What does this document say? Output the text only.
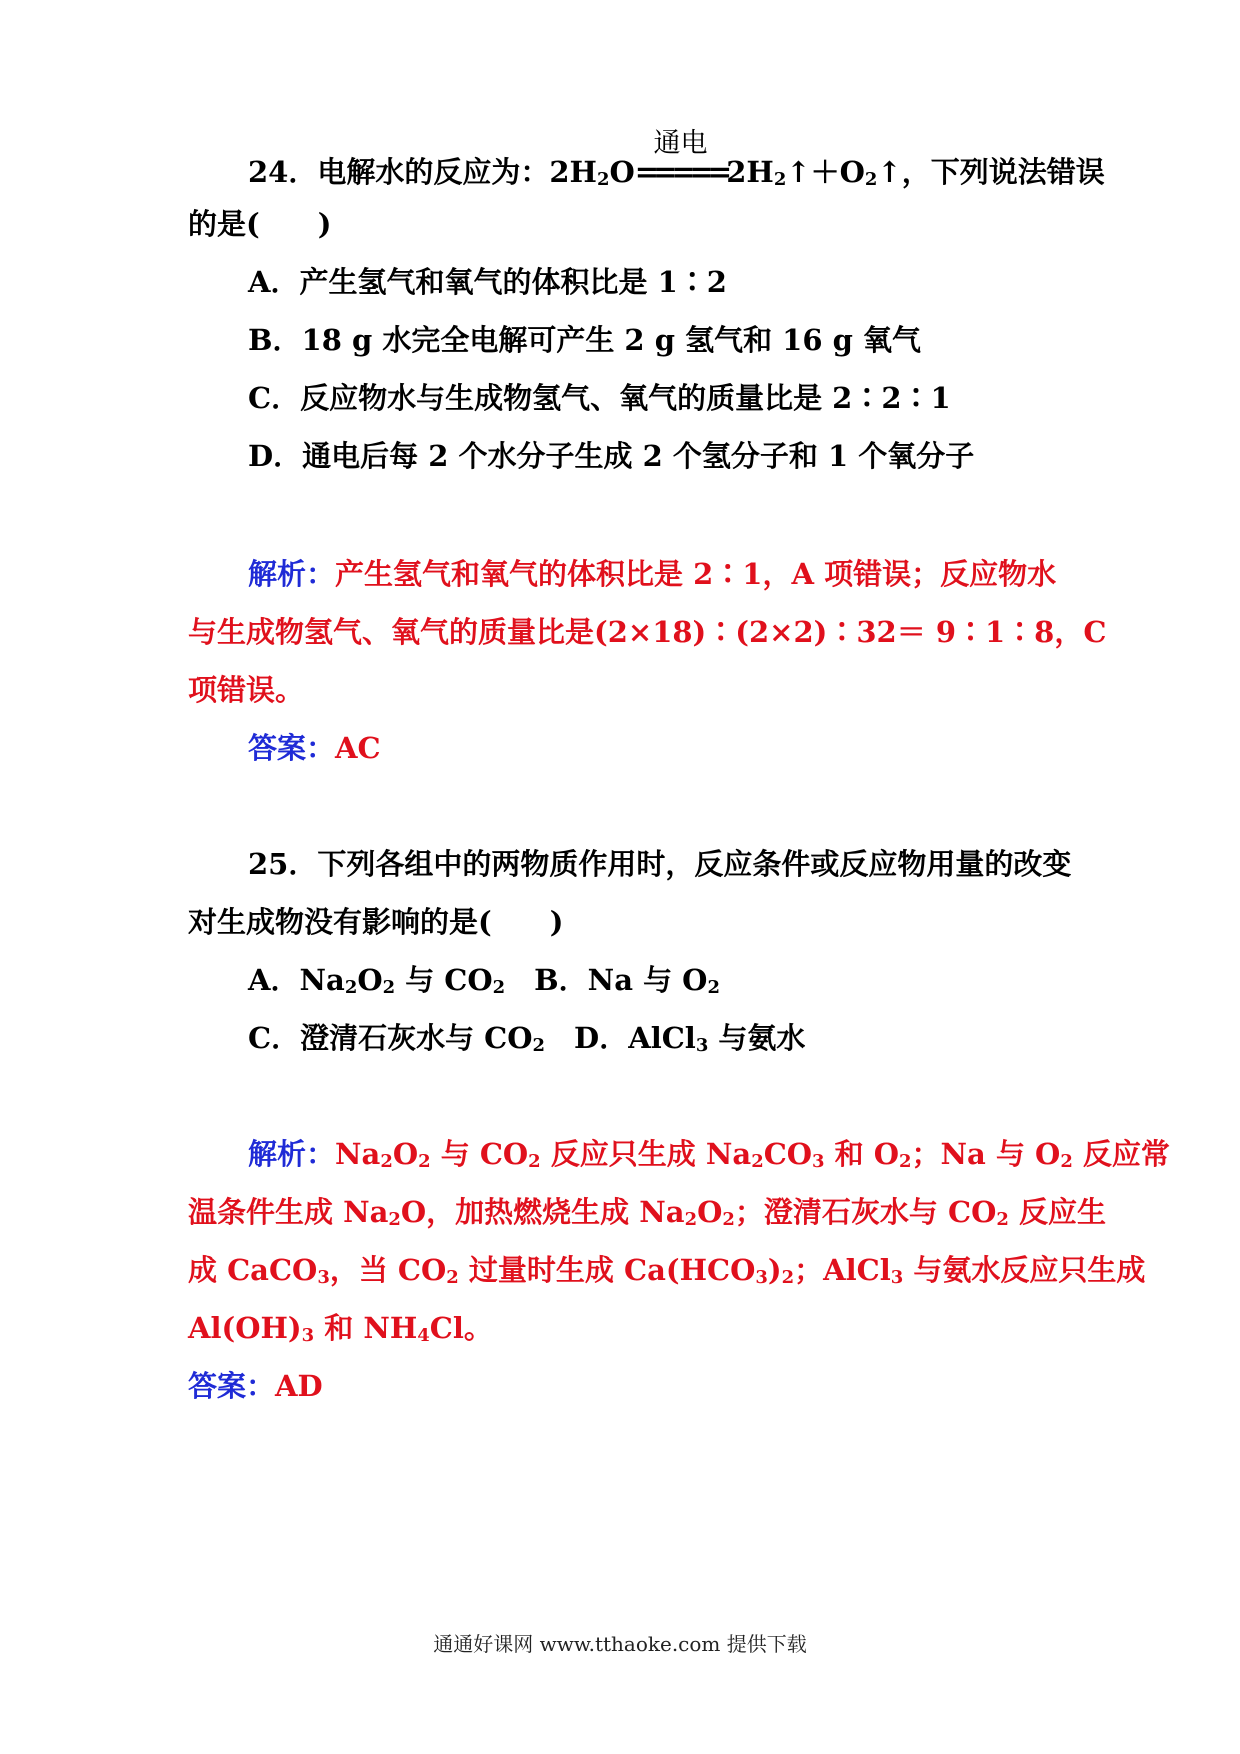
24．电解水的反应为：$2H_2O$
通电
$=====2H_2↑+O_2↑$，下列说法错误
的是(　　)
A．产生氢气和氧气的体积比是 1∶2
B．18 g 水完全电解可产生 2 g 氢气和 16 g 氧气
C．反应物水与生成物氢气、氧气的质量比是 2∶2∶1
D．通电后每 2 个水分子生成 2 个氢分子和 1 个氧分子
解析：产生氢气和氧气的体积比是 2∶1，A 项错误；反应物水
与生成物氢气、氧气的质量比是(2×18)∶(2×2)∶32＝ 9∶1∶8，C
项错误。
答案：AC
25．下列各组中的两物质作用时，反应条件或反应物用量的改变
对生成物没有影响的是(　　)
A．$Na_2O_2$ 与 $CO_2$　B．Na 与 $O_2$
C．澄清石灰水与 $CO_2$　D．AlCl$_3$ 与氨水
解析：$Na_2O_2$ 与 $CO_2$ 反应只生成 $Na_2CO_3$ 和 $O_2$；Na 与 $O_2$ 反应常
温条件生成 $Na_2O$，加热燃烧生成 $Na_2O_2$；澄清石灰水与 $CO_2$ 反应生
成 CaCO$_3$，当 $CO_2$ 过量时生成 $Ca(HCO_3)_2$；AlCl$_3$ 与氨水反应只生成
$Al(OH)_3$ 和 $NH_4Cl$。
答案：AD
通通好课网 www.tthaoke.com 提供下载
